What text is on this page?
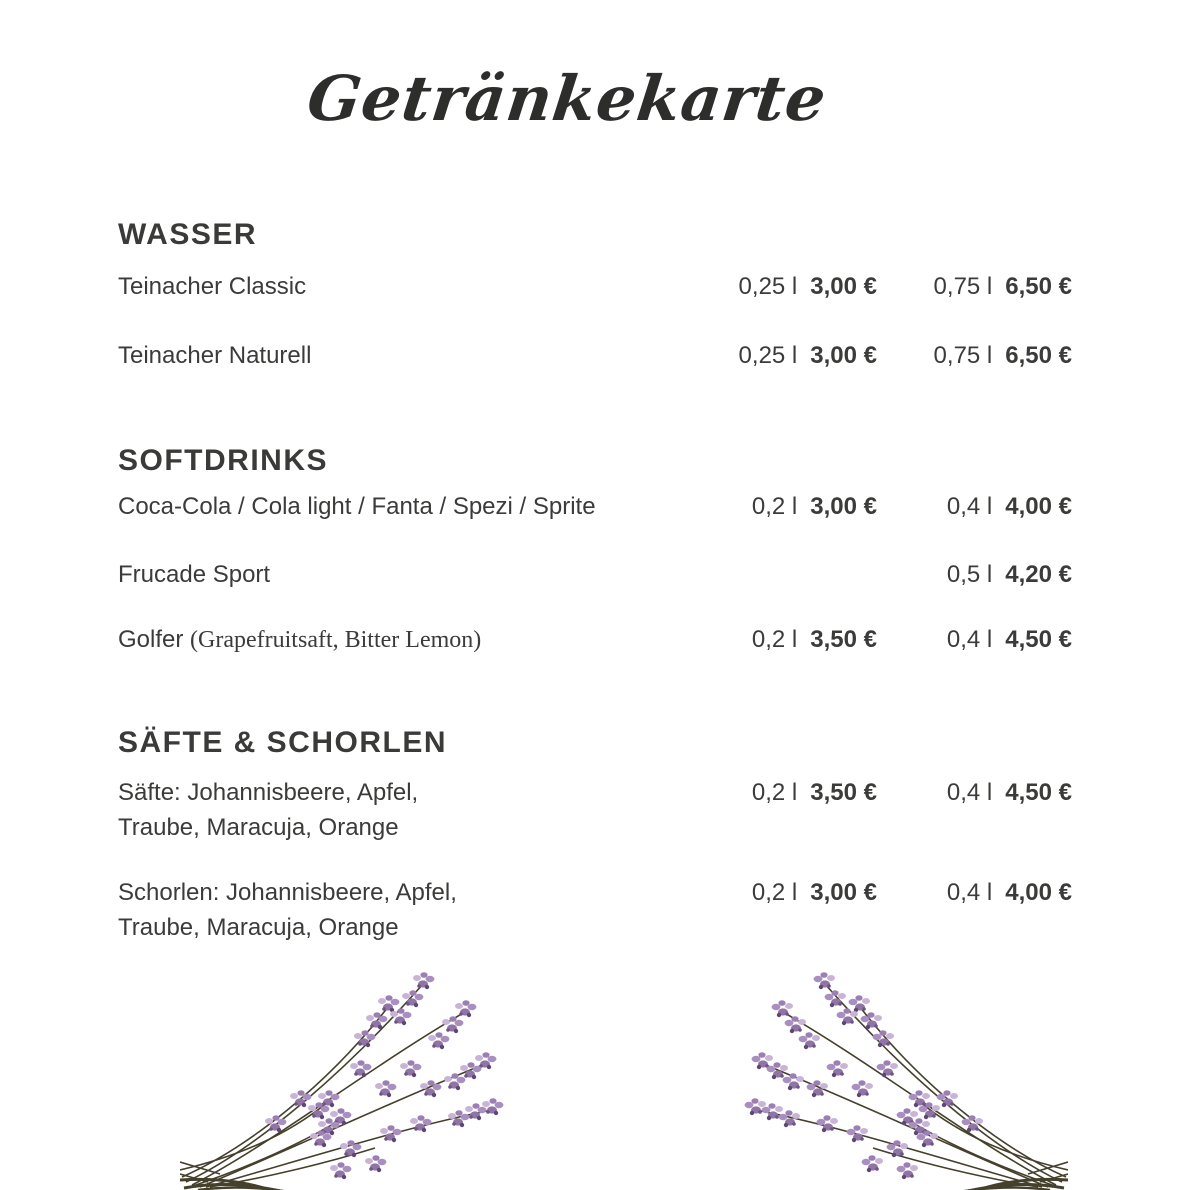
Getränkekarte
WASSER
Teinacher Classic	0,25 l 3,00 €	0,75 l 6,50 €
Teinacher Naturell	0,25 l 3,00 €	0,75 l 6,50 €
SOFTDRINKS
Coca-Cola / Cola light / Fanta / Spezi / Sprite	0,2 l 3,00 €	0,4 l 4,00 €
Frucade Sport	0,5 l 4,20 €
Golfer (Grapefruitsaft, Bitter Lemon)	0,2 l 3,50 €	0,4 l 4,50 €
SÄFTE & SCHORLEN
Säfte: Johannisbeere, Apfel,
Traube, Maracuja, Orange
0,2 l 3,50 €	0,4 l 4,50 €
Schorlen: Johannisbeere, Apfel,
Traube, Maracuja, Orange
0,2 l 3,00 €	0,4 l 4,00 €
